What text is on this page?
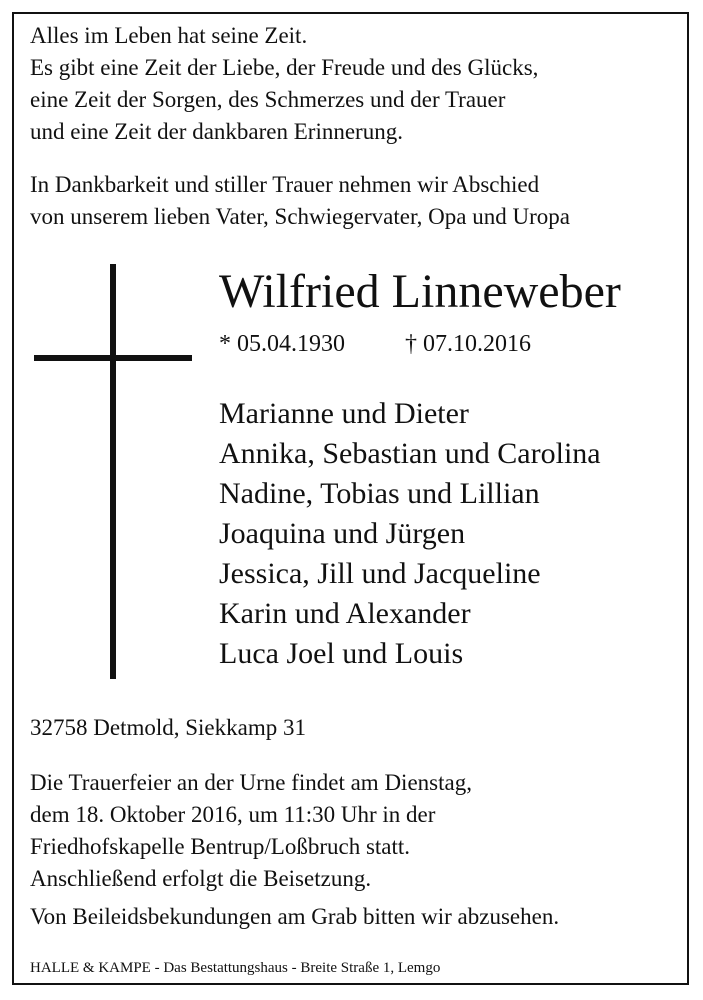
Alles im Leben hat seine Zeit.
Es gibt eine Zeit der Liebe, der Freude und des Glücks,
eine Zeit der Sorgen, des Schmerzes und der Trauer
und eine Zeit der dankbaren Erinnerung.
In Dankbarkeit und stiller Trauer nehmen wir Abschied
von unserem lieben Vater, Schwiegervater, Opa und Uropa
Wilfried Linneweber
* 05.04.1930	† 07.10.2016
Marianne und Dieter
Annika, Sebastian und Carolina
Nadine, Tobias und Lillian
Joaquina und Jürgen
Jessica, Jill und Jacqueline
Karin und Alexander
Luca Joel und Louis
32758 Detmold, Siekkamp 31
Die Trauerfeier an der Urne findet am Dienstag,
dem 18. Oktober 2016, um 11:30 Uhr in der
Friedhofskapelle Bentrup/Loßbruch statt.
Anschließend erfolgt die Beisetzung.
Von Beileidsbekundungen am Grab bitten wir abzusehen.
HALLE & KAMPE - Das Bestattungshaus - Breite Straße 1, Lemgo
